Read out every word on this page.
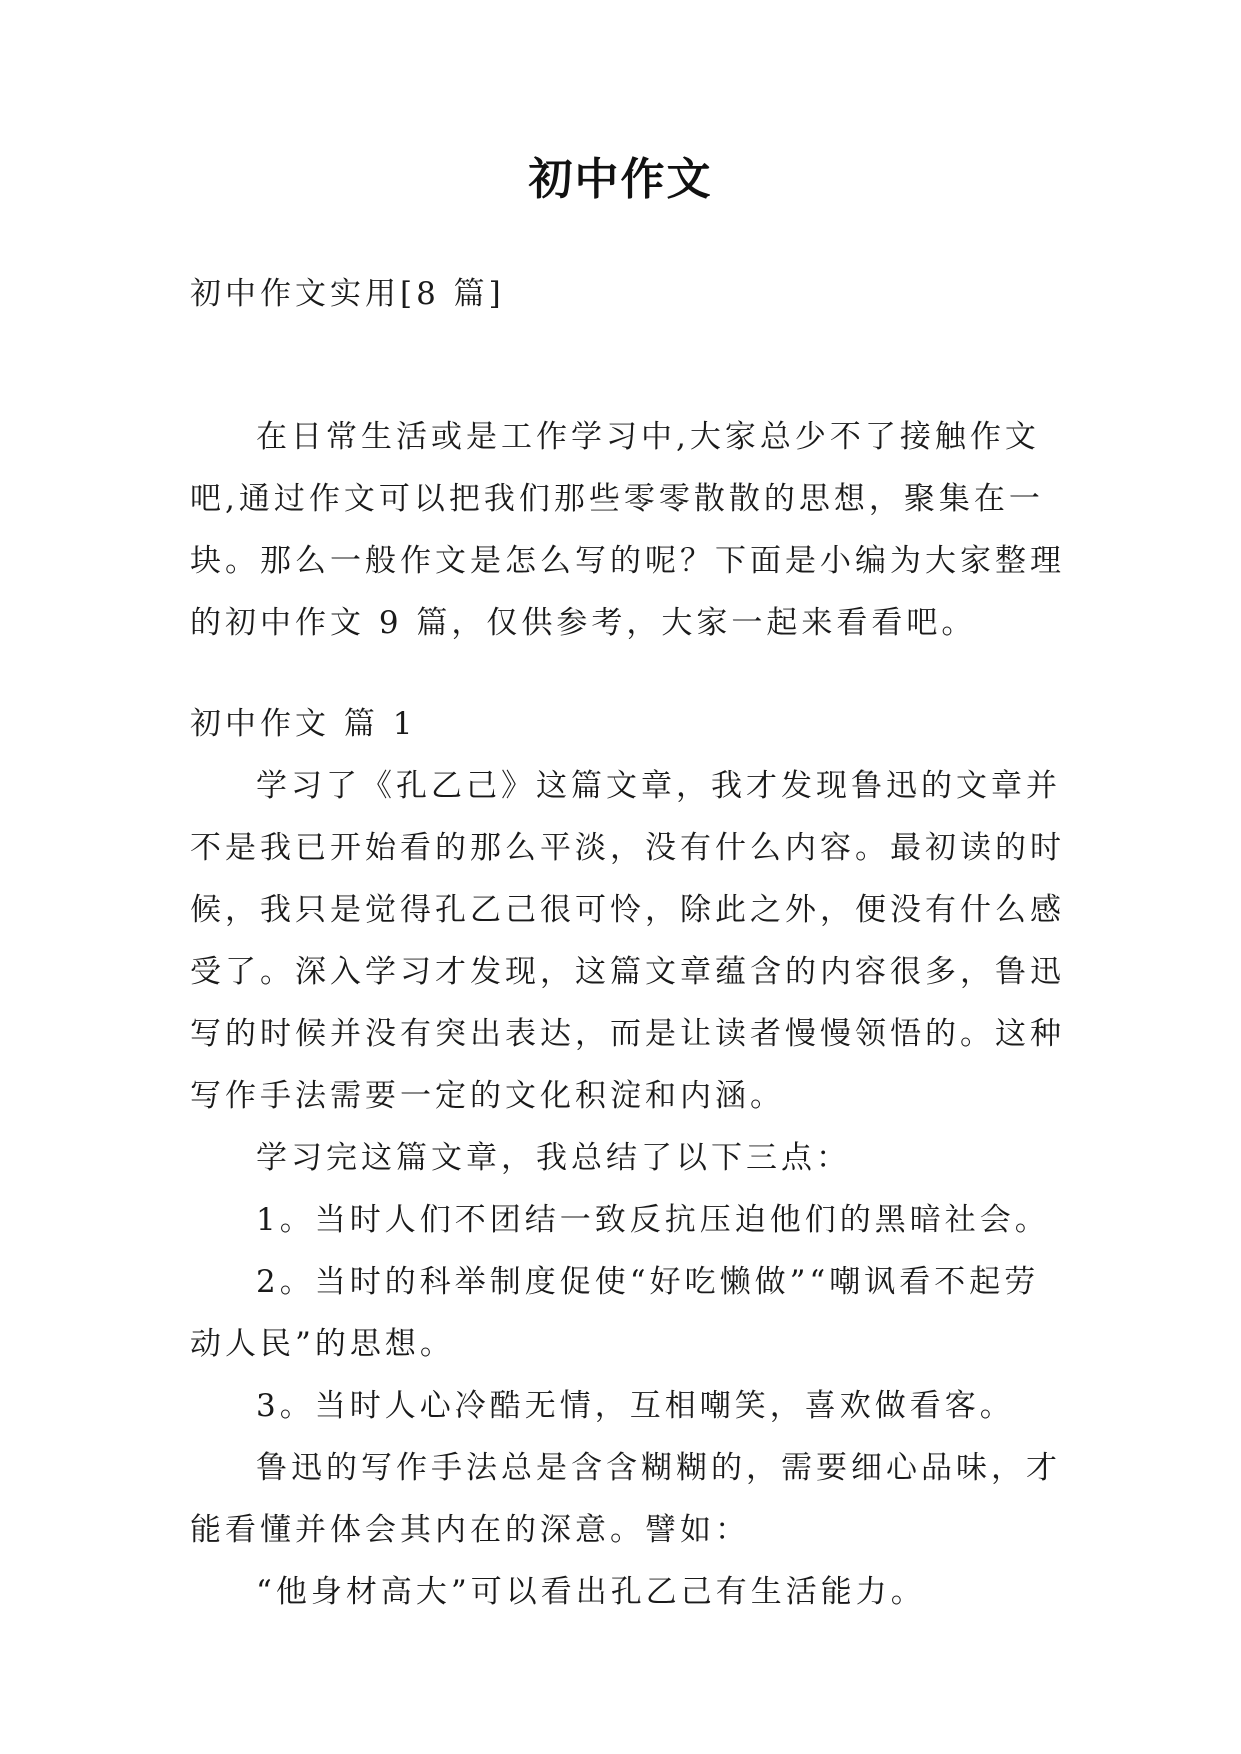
初中作文

初中作文实用[8 篇]

在日常生活或是工作学习中,大家总少不了接触作文吧,通过作文可以把我们那些零零散散的思想，聚集在一块。那么一般作文是怎么写的呢？下面是小编为大家整理的初中作文 9 篇，仅供参考，大家一起来看看吧。

初中作文 篇 1

学习了《孔乙己》这篇文章，我才发现鲁迅的文章并不是我已开始看的那么平淡，没有什么内容。最初读的时候，我只是觉得孔乙己很可怜，除此之外，便没有什么感受了。深入学习才发现，这篇文章蕴含的内容很多，鲁迅写的时候并没有突出表达，而是让读者慢慢领悟的。这种写作手法需要一定的文化积淀和内涵。

学习完这篇文章，我总结了以下三点：

1。当时人们不团结一致反抗压迫他们的黑暗社会。

2。当时的科举制度促使“好吃懒做”“嘲讽看不起劳动人民”的思想。

3。当时人心冷酷无情，互相嘲笑，喜欢做看客。

鲁迅的写作手法总是含含糊糊的，需要细心品味，才能看懂并体会其内在的深意。譬如：

“他身材高大”可以看出孔乙己有生活能力。
